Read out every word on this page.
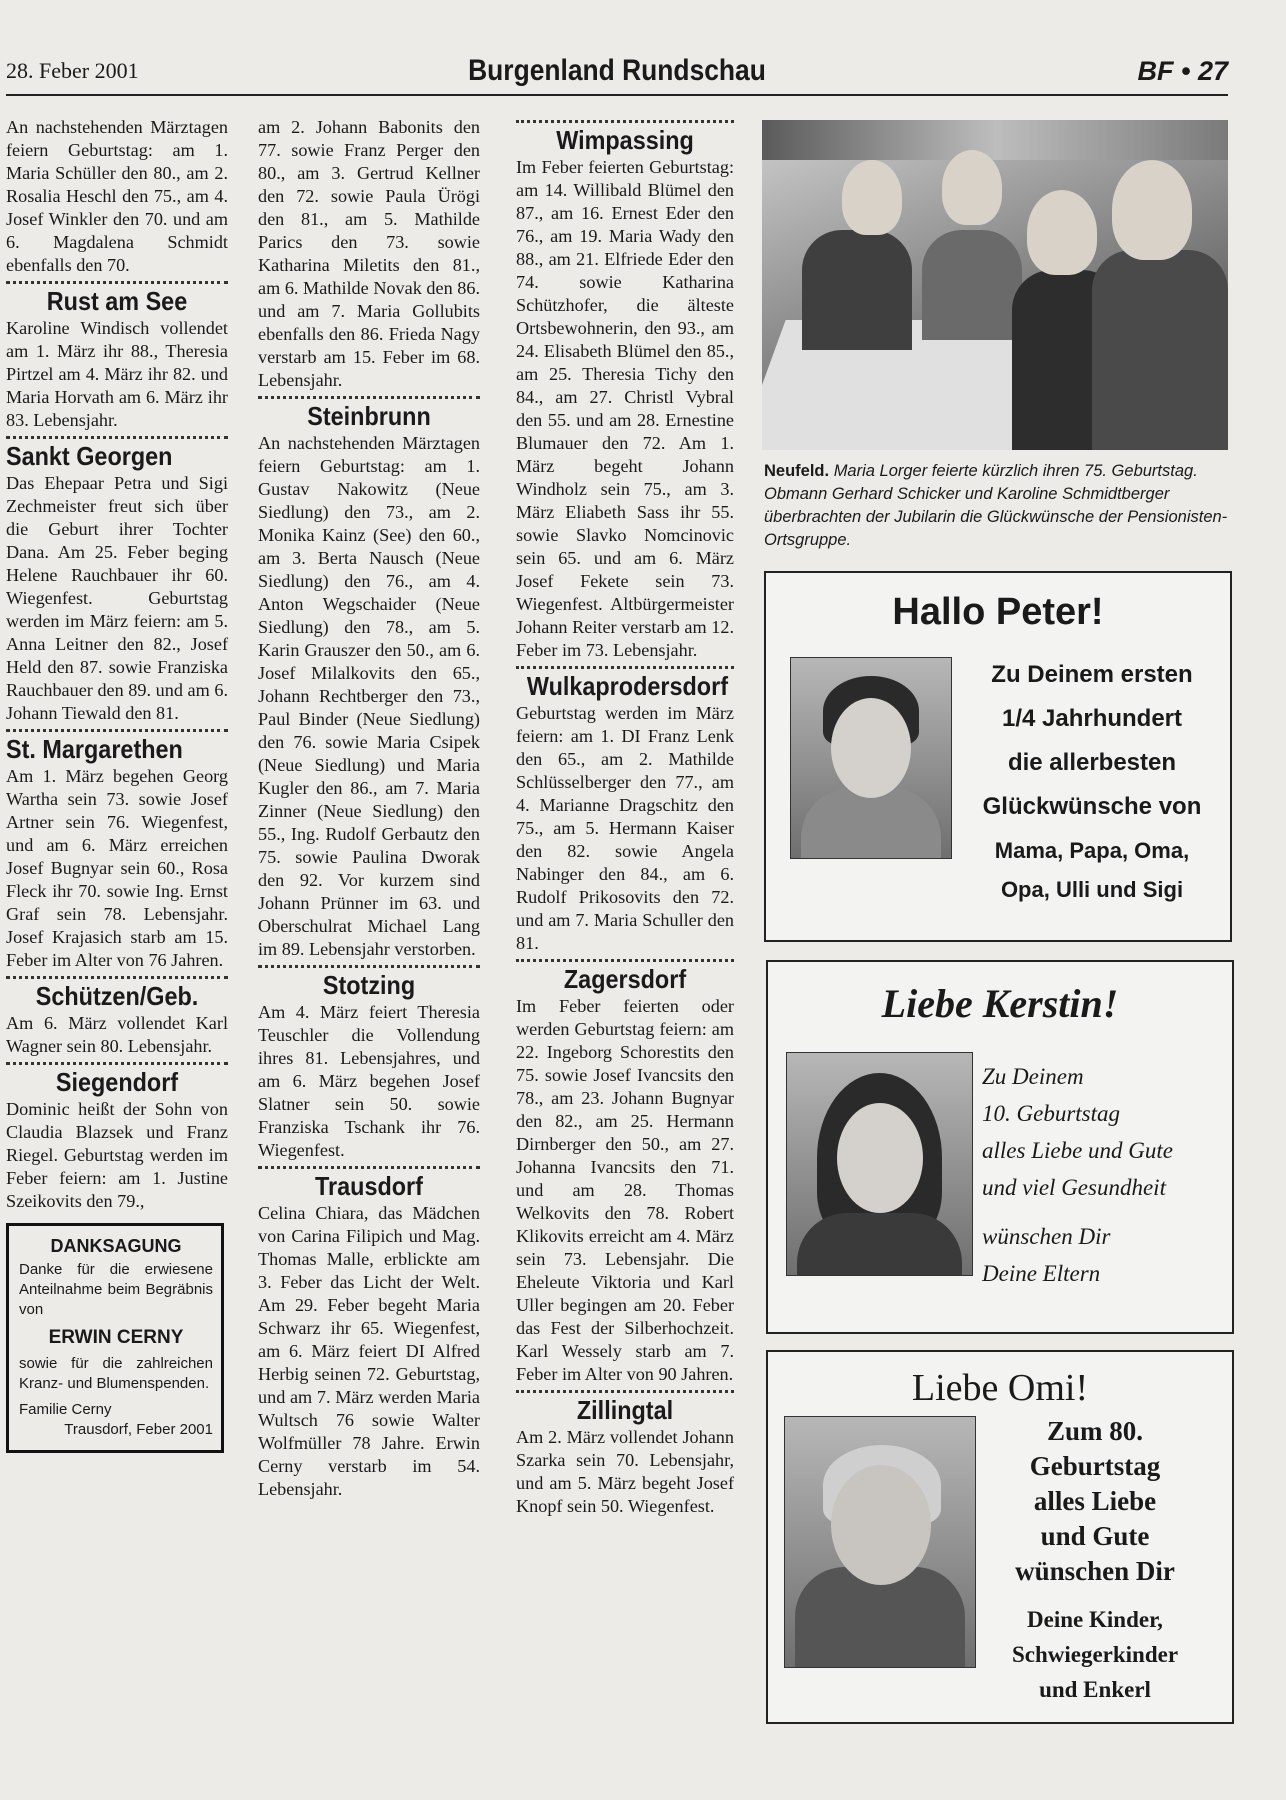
28. Feber 2001	Burgenland Rundschau	BF • 27

An nachstehenden Märztagen feiern Geburtstag: am 1. Maria Schüller den 80., am 2. Rosalia Heschl den 75., am 4. Josef Winkler den 70. und am 6. Magdalena Schmidt ebenfalls den 70.

Rust am See

Karoline Windisch vollendet am 1. März ihr 88., Theresia Pirtzel am 4. März ihr 82. und Maria Horvath am 6. März ihr 83. Lebensjahr.

Sankt Georgen

Das Ehepaar Petra und Sigi Zechmeister freut sich über die Geburt ihrer Tochter Dana. Am 25. Feber beging Helene Rauchbauer ihr 60. Wiegenfest. Geburtstag werden im März feiern: am 5. Anna Leitner den 82., Josef Held den 87. sowie Franziska Rauchbauer den 89. und am 6. Johann Tiewald den 81.

St. Margarethen

Am 1. März begehen Georg Wartha sein 73. sowie Josef Artner sein 76. Wiegenfest, und am 6. März erreichen Josef Bugnyar sein 60., Rosa Fleck ihr 70. sowie Ing. Ernst Graf sein 78. Lebensjahr. Josef Krajasich starb am 15. Feber im Alter von 76 Jahren.

Schützen/Geb.

Am 6. März vollendet Karl Wagner sein 80. Lebensjahr.

Siegendorf

Dominic heißt der Sohn von Claudia Blazsek und Franz Riegel. Geburtstag werden im Feber feiern: am 1. Justine Szeikovits den 79.,

DANKSAGUNG
Danke für die erwiesene Anteilnahme beim Begräbnis von
ERWIN CERNY
sowie für die zahlreichen Kranz- und Blumenspenden.
Familie Cerny
Trausdorf, Feber 2001

am 2. Johann Babonits den 77. sowie Franz Perger den 80., am 3. Gertrud Kellner den 72. sowie Paula Ürögi den 81., am 5. Mathilde Parics den 73. sowie Katharina Miletits den 81., am 6. Mathilde Novak den 86. und am 7. Maria Gollubits ebenfalls den 86. Frieda Nagy verstarb am 15. Feber im 68. Lebensjahr.

Steinbrunn

An nachstehenden Märztagen feiern Geburtstag: am 1. Gustav Nakowitz (Neue Siedlung) den 73., am 2. Monika Kainz (See) den 60., am 3. Berta Nausch (Neue Siedlung) den 76., am 4. Anton Wegschaider (Neue Siedlung) den 78., am 5. Karin Grauszer den 50., am 6. Josef Milalkovits den 65., Johann Rechtberger den 73., Paul Binder (Neue Siedlung) den 76. sowie Maria Csipek (Neue Siedlung) und Maria Kugler den 86., am 7. Maria Zinner (Neue Siedlung) den 55., Ing. Rudolf Gerbautz den 75. sowie Paulina Dworak den 92. Vor kurzem sind Johann Prünner im 63. und Oberschulrat Michael Lang im 89. Lebensjahr verstorben.

Stotzing

Am 4. März feiert Theresia Teuschler die Vollendung ihres 81. Lebensjahres, und am 6. März begehen Josef Slatner sein 50. sowie Franziska Tschank ihr 76. Wiegenfest.

Trausdorf

Celina Chiara, das Mädchen von Carina Filipich und Mag. Thomas Malle, erblickte am 3. Feber das Licht der Welt. Am 29. Feber begeht Maria Schwarz ihr 65. Wiegenfest, am 6. März feiert DI Alfred Herbig seinen 72. Geburtstag, und am 7. März werden Maria Wultsch 76 sowie Walter Wolfmüller 78 Jahre. Erwin Cerny verstarb im 54. Lebensjahr.

Wimpassing

Im Feber feierten Geburtstag: am 14. Willibald Blümel den 87., am 16. Ernest Eder den 76., am 19. Maria Wady den 88., am 21. Elfriede Eder den 74. sowie Katharina Schützhofer, die älteste Ortsbewohnerin, den 93., am 24. Elisabeth Blümel den 85., am 25. Theresia Tichy den 84., am 27. Christl Vybral den 55. und am 28. Ernestine Blumauer den 72. Am 1. März begeht Johann Windholz sein 75., am 3. März Eliabeth Sass ihr 55. sowie Slavko Nomcinovic sein 65. und am 6. März Josef Fekete sein 73. Wiegenfest. Altbürgermeister Johann Reiter verstarb am 12. Feber im 73. Lebensjahr.

Wulkaprodersdorf

Geburtstag werden im März feiern: am 1. DI Franz Lenk den 65., am 2. Mathilde Schlüsselberger den 77., am 4. Marianne Dragschitz den 75., am 5. Hermann Kaiser den 82. sowie Angela Nabinger den 84., am 6. Rudolf Prikosovits den 72. und am 7. Maria Schuller den 81.

Zagersdorf

Im Feber feierten oder werden Geburtstag feiern: am 22. Ingeborg Schorestits den 75. sowie Josef Ivancsits den 78., am 23. Johann Bugnyar den 82., am 25. Hermann Dirnberger den 50., am 27. Johanna Ivancsits den 71. und am 28. Thomas Welkovits den 78. Robert Klikovits erreicht am 4. März sein 73. Lebensjahr. Die Eheleute Viktoria und Karl Uller begingen am 20. Feber das Fest der Silberhochzeit. Karl Wessely starb am 7. Feber im Alter von 90 Jahren.

Zillingtal

Am 2. März vollendet Johann Szarka sein 70. Lebensjahr, und am 5. März begeht Josef Knopf sein 50. Wiegenfest.

Neufeld. Maria Lorger feierte kürzlich ihren 75. Geburtstag. Obmann Gerhard Schicker und Karoline Schmidtberger überbrachten der Jubilarin die Glückwünsche der Pensionisten-Ortsgruppe.
Hallo Peter!
Zu Deinem ersten
1/4 Jahrhundert
die allerbesten
Glückwünsche von
Mama, Papa, Oma,
Opa, Ulli und Sigi
Liebe Kerstin!
Zu Deinem
10. Geburtstag
alles Liebe und Gute
und viel Gesundheit
wünschen Dir
Deine Eltern
Liebe Omi!
Zum 80.
Geburtstag
alles Liebe
und Gute
wünschen Dir
Deine Kinder,
Schwiegerkinder
und Enkerl
